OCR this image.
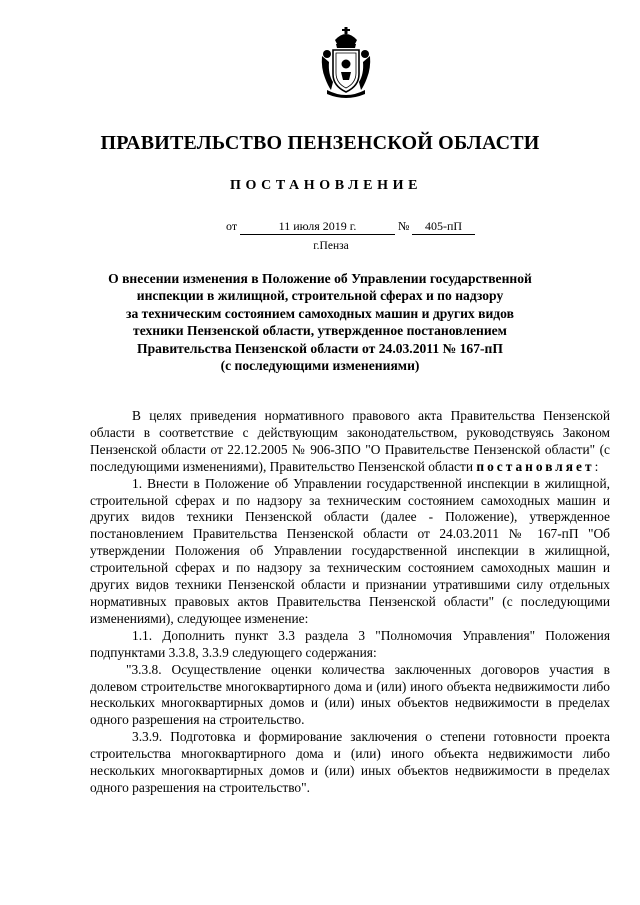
ПРАВИТЕЛЬСТВО ПЕНЗЕНСКОЙ ОБЛАСТИ
ПОСТАНОВЛЕНИЕ
от	11 июля 2019 г.	№	405-пП
г.Пенза
О внесении изменения в Положение об Управлении государственной
инспекции в жилищной, строительной сферах и по надзору
за техническим состоянием самоходных машин и других видов
техники Пензенской области, утвержденное постановлением
Правительства Пензенской области от 24.03.2011 № 167-пП
(с последующими изменениями)

В целях приведения нормативного правового акта Правительства Пензенской области в соответствие с действующим законодательством, руководствуясь Законом Пензенской области от 22.12.2005 № 906-ЗПО "О Правительстве Пензенской области" (с последующими изменениями), Правительство Пензенской области постановляет:

1. Внести в Положение об Управлении государственной инспекции в жилищной, строительной сферах и по надзору за техническим состоянием самоходных машин и других видов техники Пензенской области (далее - Положение), утвержденное постановлением Правительства Пензенской области от 24.03.2011 № 167-пП "Об утверждении Положения об Управлении государственной инспекции в жилищной, строительной сферах и по надзору за техническим состоянием самоходных машин и других видов техники Пензенской области и признании утратившими силу отдельных нормативных правовых актов Правительства Пензенской области" (с последующими изменениями), следующее изменение:

1.1. Дополнить пункт 3.3 раздела 3 "Полномочия Управления" Положения подпунктами 3.3.8, 3.3.9 следующего содержания:

"3.3.8. Осуществление оценки количества заключенных договоров участия в долевом строительстве многоквартирного дома и (или) иного объекта недвижимости либо нескольких многоквартирных домов и (или) иных объектов недвижимости в пределах одного разрешения на строительство.

3.3.9. Подготовка и формирование заключения о степени готовности проекта строительства многоквартирного дома и (или) иного объекта недвижимости либо нескольких многоквартирных домов и (или) иных объектов недвижимости в пределах одного разрешения на строительство".
